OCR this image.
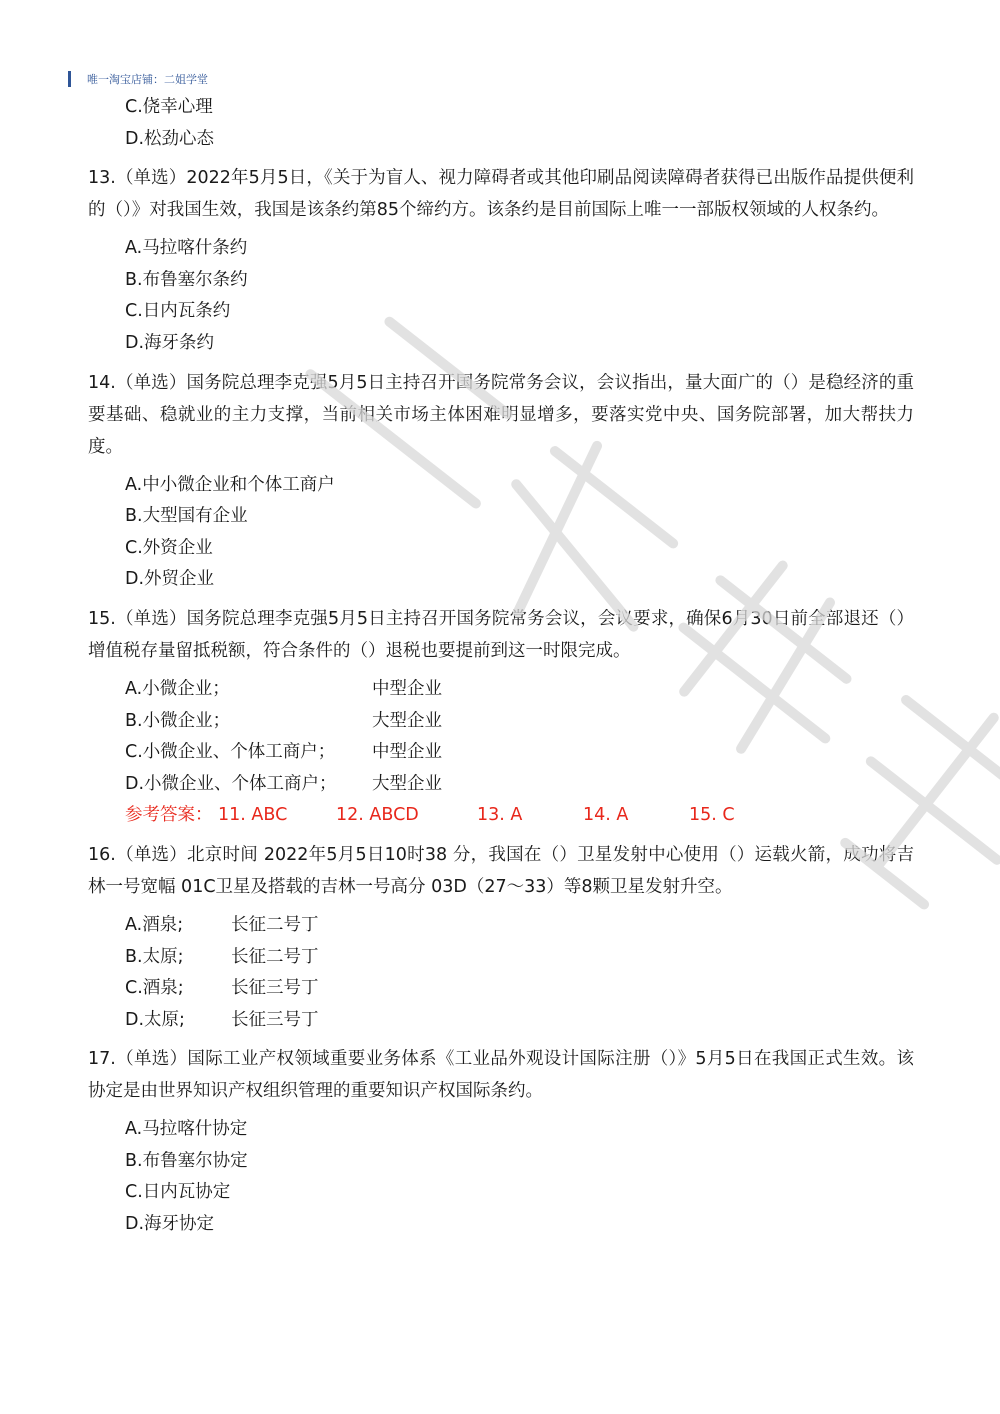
唯一淘宝店铺：二姐学堂
C.侥幸心理
D.松劲心态
13.（单选）2022年5月5日，《关于为盲人、视力障碍者或其他印刷品阅读障碍者获得已出版作品提供便利的（）》对我国生效，我国是该条约第85个缔约方。该条约是目前国际上唯一一部版权领域的人权条约。
A.马拉喀什条约
B.布鲁塞尔条约
C.日内瓦条约
D.海牙条约
14.（单选）国务院总理李克强5月5日主持召开国务院常务会议，会议指出，量大面广的（）是稳经济的重要基础、稳就业的主力支撑，当前相关市场主体困难明显增多，要落实党中央、国务院部署，加大帮扶力度。
A.中小微企业和个体工商户
B.大型国有企业
C.外资企业
D.外贸企业
15.（单选）国务院总理李克强5月5日主持召开国务院常务会议，会议要求，确保6月30日前全部退还（）增值税存量留抵税额，符合条件的（）退税也要提前到这一时限完成。
A.小微企业；	中型企业
B.小微企业；	大型企业
C.小微企业、个体工商户； 中型企业
D.小微企业、个体工商户； 大型企业
参考答案： 11. ABC	12. ABCD	13. A	14. A	15. C
16.（单选）北京时间 2022年5月5日10时38 分，我国在（）卫星发射中心使用（）运载火箭，成功将吉林一号宽幅 01C卫星及搭载的吉林一号高分 03D（27～33）等8颗卫星发射升空。
A.酒泉;	长征二号丁
B.太原;	长征二号丁
C.酒泉;	长征三号丁
D.太原;	长征三号丁
17.（单选）国际工业产权领域重要业务体系《工业品外观设计国际注册（）》5月5日在我国正式生效。该协定是由世界知识产权组织管理的重要知识产权国际条约。
A.马拉喀什协定
B.布鲁塞尔协定
C.日内瓦协定
D.海牙协定
